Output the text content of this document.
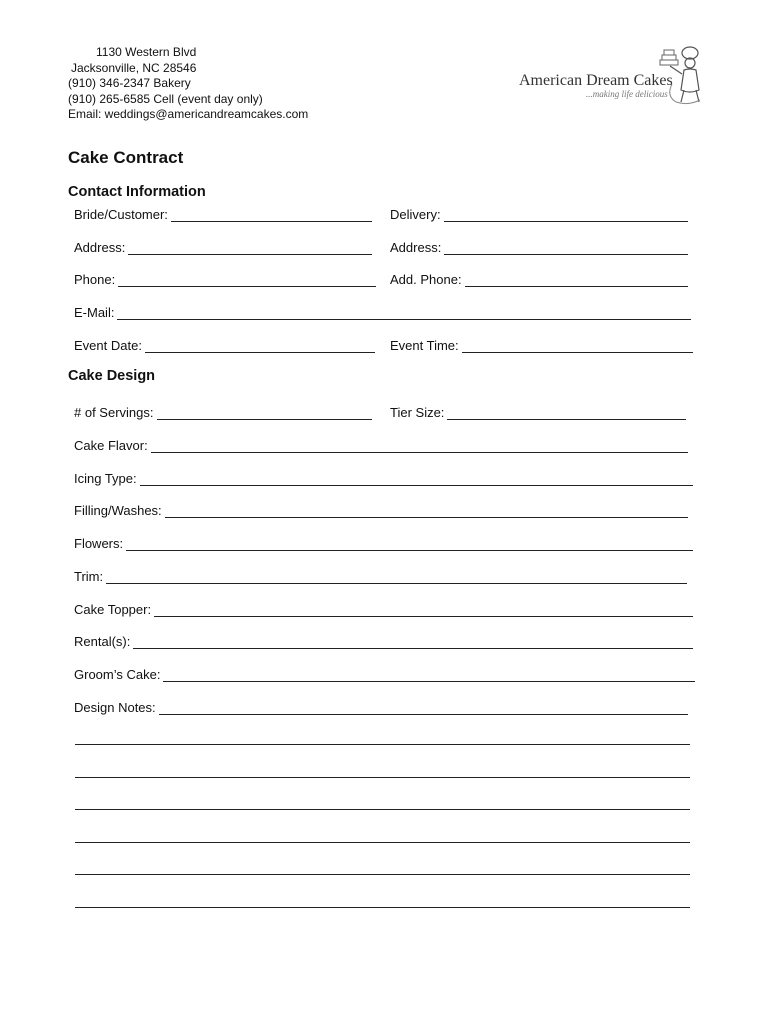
1130 Western Blvd
Jacksonville, NC 28546
(910) 346-2347 Bakery
(910) 265-6585 Cell (event day only)
Email: weddings@americandreamcakes.com
American Dream Cakes
...making life delicious
Cake Contract
Contact Information
Bride/Customer:	Delivery:
Address:	Address:
Phone:	Add. Phone:
E-Mail:
Event Date:	Event Time:
Cake Design
# of Servings:	Tier Size:
Cake Flavor:
Icing Type:
Filling/Washes:
Flowers:
Trim:
Cake Topper:
Rental(s):
Groom’s Cake:
Design Notes:
